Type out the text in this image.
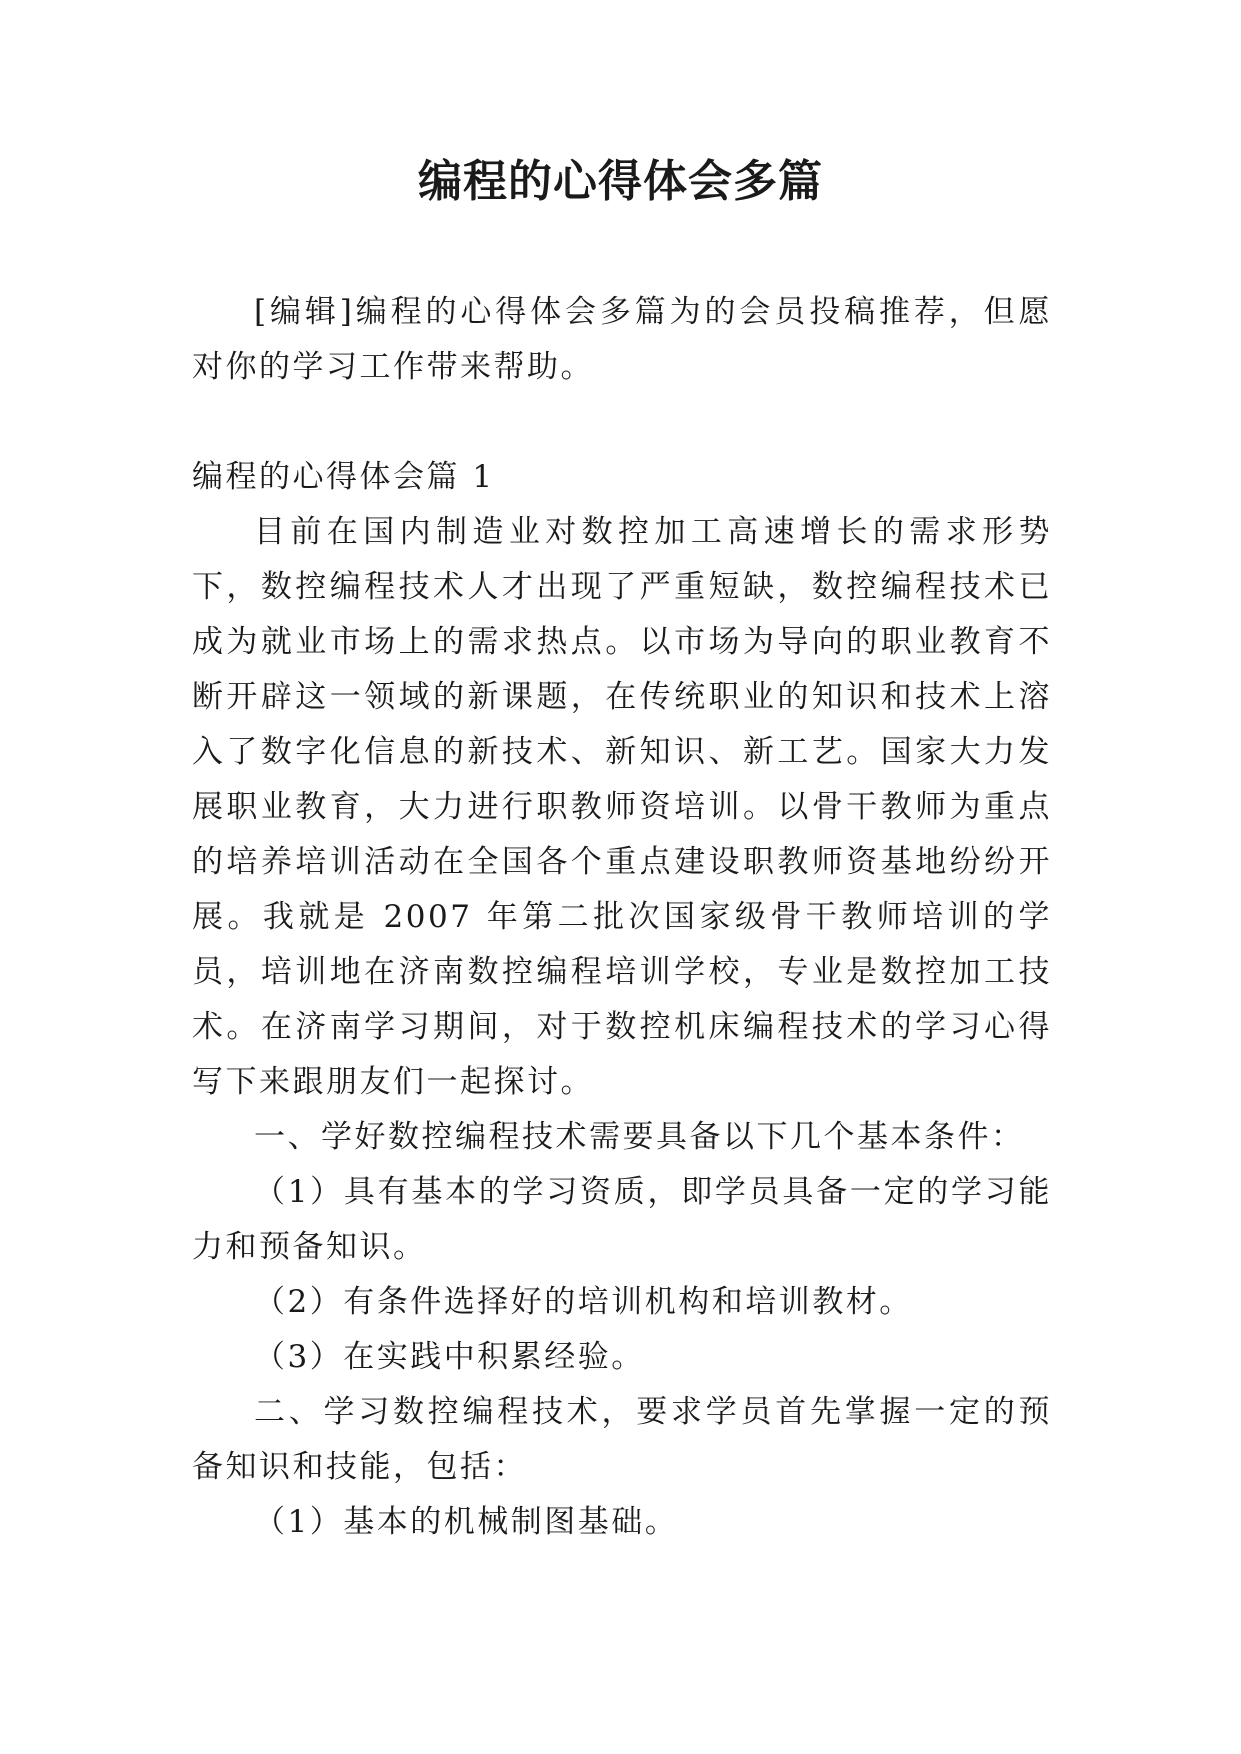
编程的心得体会多篇

[编辑]编程的心得体会多篇为的会员投稿推荐，但愿对你的学习工作带来帮助。

编程的心得体会篇 1

目前在国内制造业对数控加工高速增长的需求形势下，数控编程技术人才出现了严重短缺，数控编程技术已成为就业市场上的需求热点。以市场为导向的职业教育不断开辟这一领域的新课题，在传统职业的知识和技术上溶入了数字化信息的新技术、新知识、新工艺。国家大力发展职业教育，大力进行职教师资培训。以骨干教师为重点的培养培训活动在全国各个重点建设职教师资基地纷纷开展。我就是 2007 年第二批次国家级骨干教师培训的学员，培训地在济南数控编程培训学校，专业是数控加工技术。在济南学习期间，对于数控机床编程技术的学习心得写下来跟朋友们一起探讨。

一、学好数控编程技术需要具备以下几个基本条件：

（1）具有基本的学习资质，即学员具备一定的学习能力和预备知识。

（2）有条件选择好的培训机构和培训教材。

（3）在实践中积累经验。

二、学习数控编程技术，要求学员首先掌握一定的预备知识和技能，包括：

（1）基本的机械制图基础。
